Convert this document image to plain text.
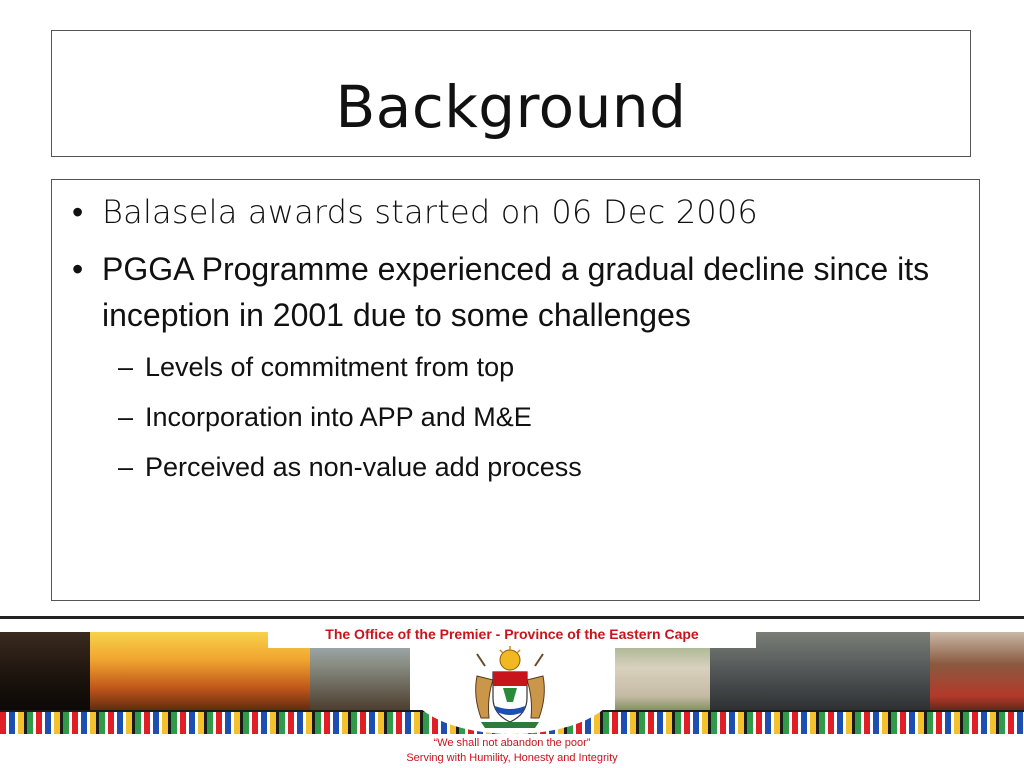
Background
• Balasela awards started on 06 Dec 2006
• PGGA Programme experienced a gradual decline since its inception in 2001 due to some challenges
– Levels of commitment from top
– Incorporation into APP and M&E
– Perceived as non-value add process
The Office of the Premier - Province of the Eastern Cape
“We shall not abandon the poor”
Serving with Humility, Honesty and Integrity
